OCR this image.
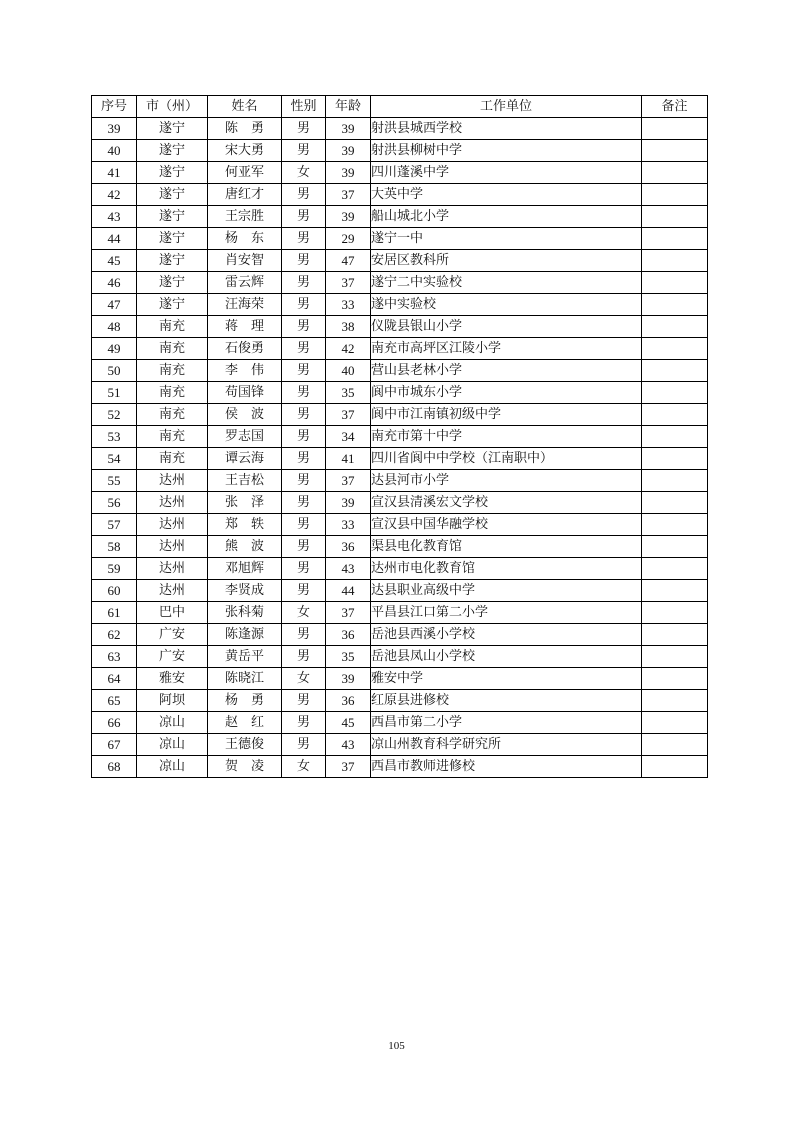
序号	市（州）	姓名	性别	年龄	工作单位	备注
39	遂宁	陈　勇	男	39	射洪县城西学校	
40	遂宁	宋大勇	男	39	射洪县柳树中学	
41	遂宁	何亚军	女	39	四川蓬溪中学	
42	遂宁	唐红才	男	37	大英中学	
43	遂宁	王宗胜	男	39	船山城北小学	
44	遂宁	杨　东	男	29	遂宁一中	
45	遂宁	肖安智	男	47	安居区教科所	
46	遂宁	雷云辉	男	37	遂宁二中实验校	
47	遂宁	汪海荣	男	33	遂中实验校	
48	南充	蒋　理	男	38	仪陇县银山小学	
49	南充	石俊勇	男	42	南充市高坪区江陵小学	
50	南充	李　伟	男	40	营山县老林小学	
51	南充	苟国锋	男	35	阆中市城东小学	
52	南充	侯　波	男	37	阆中市江南镇初级中学	
53	南充	罗志国	男	34	南充市第十中学	
54	南充	谭云海	男	41	四川省阆中中学校（江南职中）	
55	达州	王吉松	男	37	达县河市小学	
56	达州	张　泽	男	39	宣汉县清溪宏文学校	
57	达州	郑　轶	男	33	宣汉县中国华融学校	
58	达州	熊　波	男	36	渠县电化教育馆	
59	达州	邓旭辉	男	43	达州市电化教育馆	
60	达州	李贤成	男	44	达县职业高级中学	
61	巴中	张科菊	女	37	平昌县江口第二小学	
62	广安	陈逢源	男	36	岳池县西溪小学校	
63	广安	黄岳平	男	35	岳池县凤山小学校	
64	雅安	陈晓江	女	39	雅安中学	
65	阿坝	杨　勇	男	36	红原县进修校	
66	凉山	赵　红	男	45	西昌市第二小学	
67	凉山	王德俊	男	43	凉山州教育科学研究所	
68	凉山	贺　凌	女	37	西昌市教师进修校	
105
